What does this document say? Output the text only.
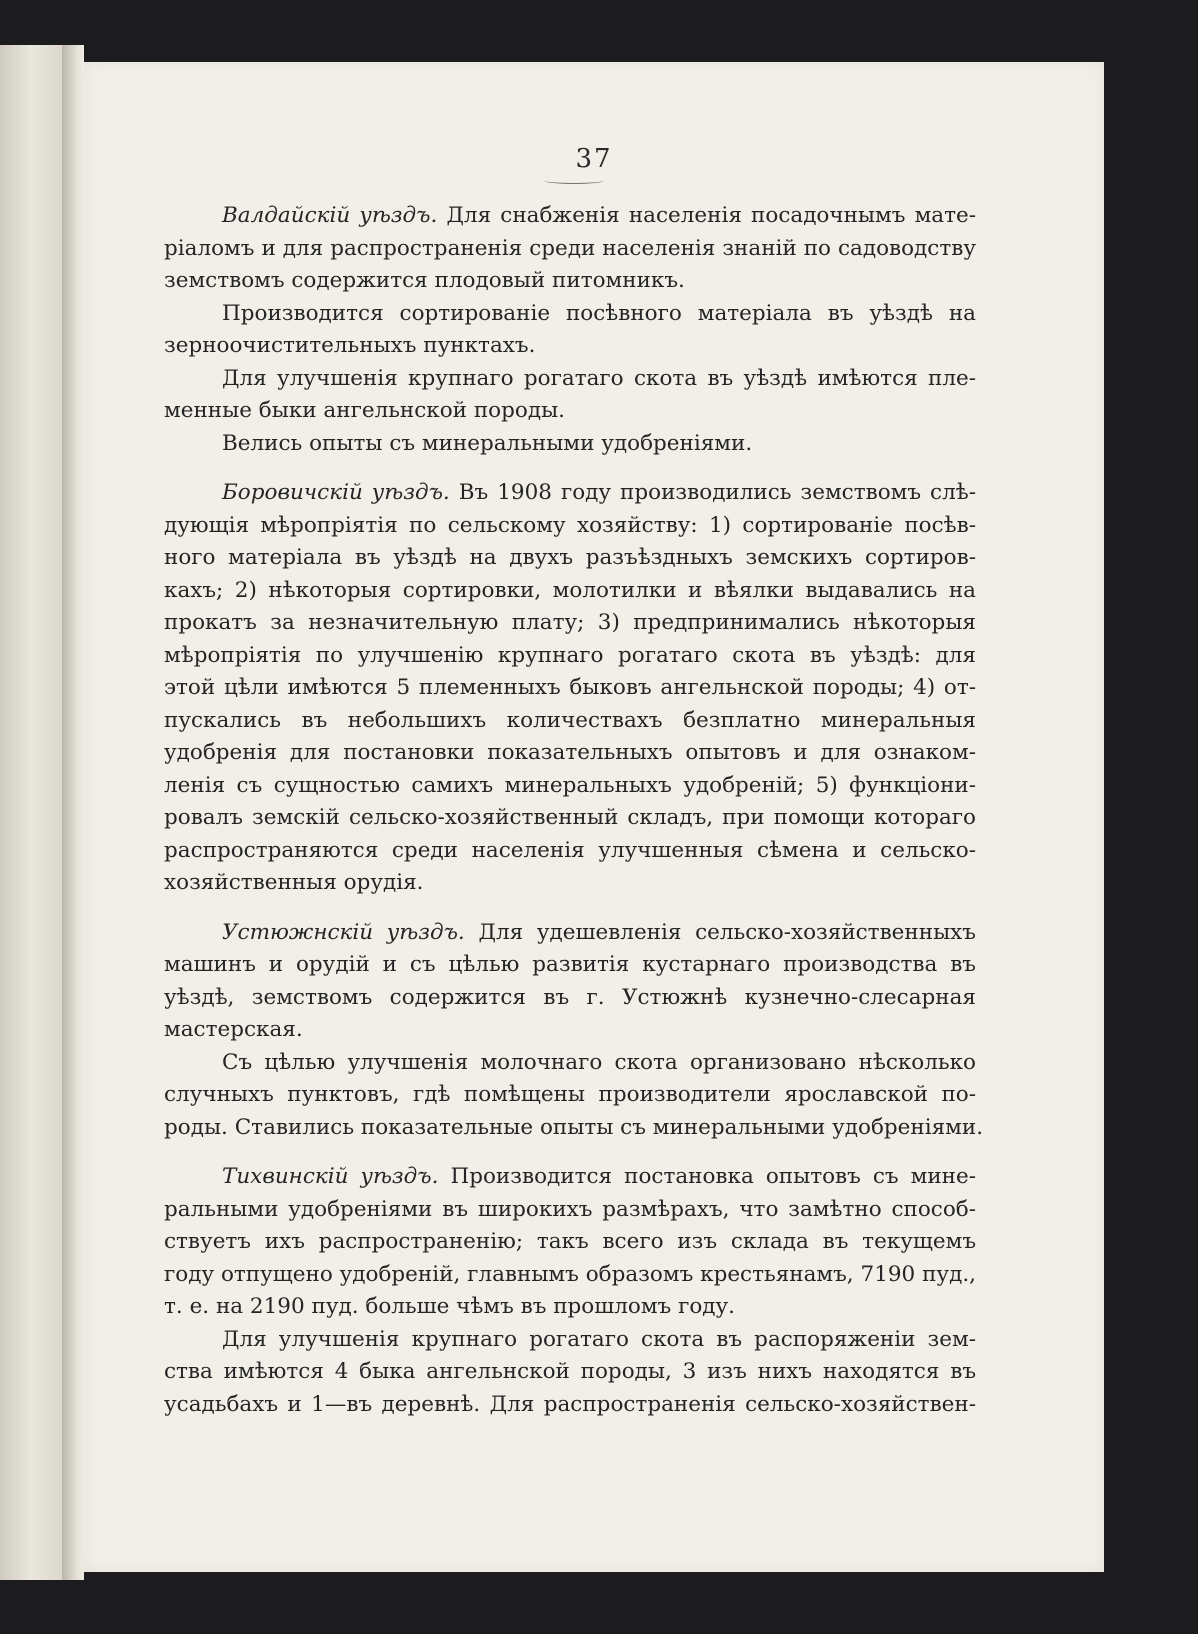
37
Валдайскій уѣздъ. Для снабженія населенія посадочнымъ мате-
ріаломъ и для распространенія среди населенія знаній по садоводству
земствомъ содержится плодовый питомникъ.
Производится сортированіе посѣвного матеріала въ уѣздѣ на
зерноочистительныхъ пунктахъ.
Для улучшенія крупнаго рогатаго скота въ уѣздѣ имѣются пле-
менные быки ангельнской породы.
Велись опыты съ минеральными удобреніями.
Боровичскій уѣздъ. Въ 1908 году производились земствомъ слѣ-
дующія мѣропріятія по сельскому хозяйству: 1) сортированіе посѣв-
ного матеріала въ уѣздѣ на двухъ разъѣздныхъ земскихъ сортиров-
кахъ; 2) нѣкоторыя сортировки, молотилки и вѣялки выдавались на
прокатъ за незначительную плату; 3) предпринимались нѣкоторыя
мѣропріятія по улучшенію крупнаго рогатаго скота въ уѣздѣ: для
этой цѣли имѣются 5 племенныхъ быковъ ангельнской породы; 4) от-
пускались въ небольшихъ количествахъ безплатно минеральныя
удобренія для постановки показательныхъ опытовъ и для ознаком-
ленія съ сущностью самихъ минеральныхъ удобреній; 5) функціони-
ровалъ земскій сельско-хозяйственный складъ, при помощи котораго
распространяются среди населенія улучшенныя сѣмена и сельско-
хозяйственныя орудія.
Устюжнскій уѣздъ. Для удешевленія сельско-хозяйственныхъ
машинъ и орудій и съ цѣлью развитія кустарнаго производства въ
уѣздѣ, земствомъ содержится въ г. Устюжнѣ кузнечно-слесарная
мастерская.
Съ цѣлью улучшенія молочнаго скота организовано нѣсколько
случныхъ пунктовъ, гдѣ помѣщены производители ярославской по-
роды. Ставились показательные опыты съ минеральными удобреніями.
Тихвинскій уѣздъ. Производится постановка опытовъ съ мине-
ральными удобреніями въ широкихъ размѣрахъ, что замѣтно способ-
ствуетъ ихъ распространенію; такъ всего изъ склада въ текущемъ
году отпущено удобреній, главнымъ образомъ крестьянамъ, 7190 пуд.,
т. е. на 2190 пуд. больше чѣмъ въ прошломъ году.
Для улучшенія крупнаго рогатаго скота въ распоряженіи зем-
ства имѣются 4 быка ангельнской породы, 3 изъ нихъ находятся въ
усадьбахъ и 1—въ деревнѣ. Для распространенія сельско-хозяйствен-
